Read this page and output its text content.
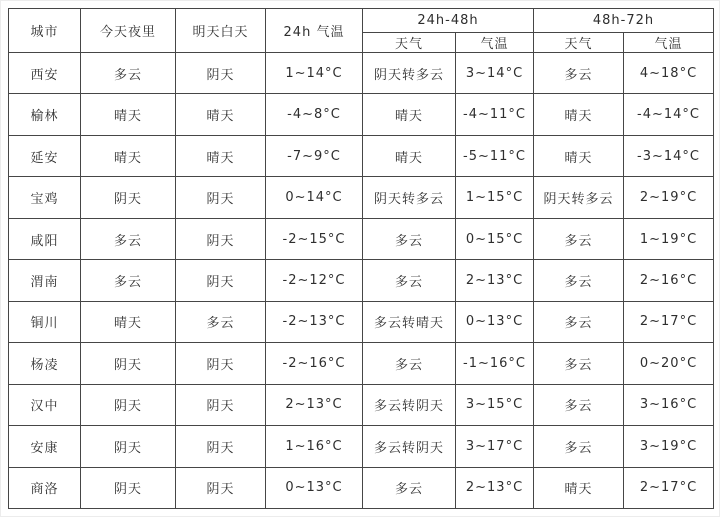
城市	今天夜里	明天白天	24h 气温	24h-48h		48h-72h	
				天气	气温	天气	气温
西安	多云	阴天	1~14°C	阴天转多云	3~14°C	多云	4~18°C
榆林	晴天	晴天	-4~8°C	晴天	-4~11°C	晴天	-4~14°C
延安	晴天	晴天	-7~9°C	晴天	-5~11°C	晴天	-3~14°C
宝鸡	阴天	阴天	0~14°C	阴天转多云	1~15°C	阴天转多云	2~19°C
咸阳	多云	阴天	-2~15°C	多云	0~15°C	多云	1~19°C
渭南	多云	阴天	-2~12°C	多云	2~13°C	多云	2~16°C
铜川	晴天	多云	-2~13°C	多云转晴天	0~13°C	多云	2~17°C
杨凌	阴天	阴天	-2~16°C	多云	-1~16°C	多云	0~20°C
汉中	阴天	阴天	2~13°C	多云转阴天	3~15°C	多云	3~16°C
安康	阴天	阴天	1~16°C	多云转阴天	3~17°C	多云	3~19°C
商洛	阴天	阴天	0~13°C	多云	2~13°C	晴天	2~17°C
